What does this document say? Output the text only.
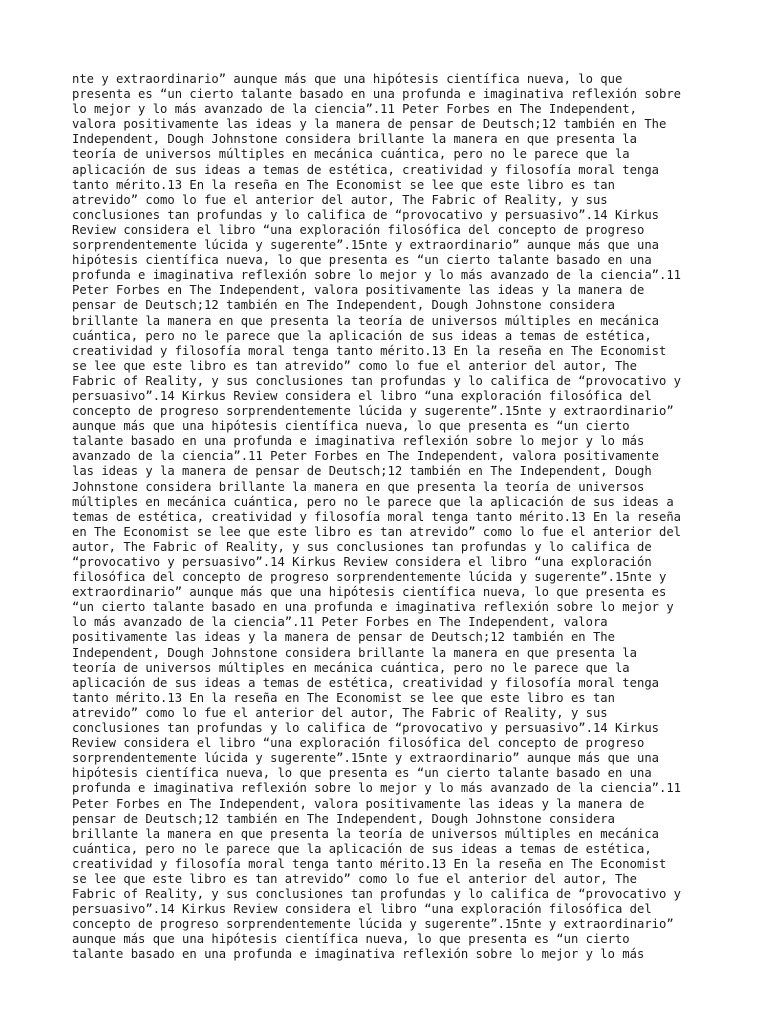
nte y extraordinario” aunque más que una hipótesis científica nueva, lo que
presenta es “un cierto talante basado en una profunda e imaginativa reflexión sobre
lo mejor y lo más avanzado de la ciencia”.11 Peter Forbes en The Independent,
valora positivamente las ideas y la manera de pensar de Deutsch;12 también en The
Independent, Dough Johnstone considera brillante la manera en que presenta la
teoría de universos múltiples en mecánica cuántica, pero no le parece que la
aplicación de sus ideas a temas de estética, creatividad y filosofía moral tenga
tanto mérito.13 En la reseña en The Economist se lee que este libro es tan
atrevido” como lo fue el anterior del autor, The Fabric of Reality, y sus
conclusiones tan profundas y lo califica de “provocativo y persuasivo”.14 Kirkus
Review considera el libro “una exploración filosófica del concepto de progreso
sorprendentemente lúcida y sugerente”.15nte y extraordinario” aunque más que una
hipótesis científica nueva, lo que presenta es “un cierto talante basado en una
profunda e imaginativa reflexión sobre lo mejor y lo más avanzado de la ciencia”.11
Peter Forbes en The Independent, valora positivamente las ideas y la manera de
pensar de Deutsch;12 también en The Independent, Dough Johnstone considera
brillante la manera en que presenta la teoría de universos múltiples en mecánica
cuántica, pero no le parece que la aplicación de sus ideas a temas de estética,
creatividad y filosofía moral tenga tanto mérito.13 En la reseña en The Economist
se lee que este libro es tan atrevido” como lo fue el anterior del autor, The
Fabric of Reality, y sus conclusiones tan profundas y lo califica de “provocativo y
persuasivo”.14 Kirkus Review considera el libro “una exploración filosófica del
concepto de progreso sorprendentemente lúcida y sugerente”.15nte y extraordinario”
aunque más que una hipótesis científica nueva, lo que presenta es “un cierto
talante basado en una profunda e imaginativa reflexión sobre lo mejor y lo más
avanzado de la ciencia”.11 Peter Forbes en The Independent, valora positivamente
las ideas y la manera de pensar de Deutsch;12 también en The Independent, Dough
Johnstone considera brillante la manera en que presenta la teoría de universos
múltiples en mecánica cuántica, pero no le parece que la aplicación de sus ideas a
temas de estética, creatividad y filosofía moral tenga tanto mérito.13 En la reseña
en The Economist se lee que este libro es tan atrevido” como lo fue el anterior del
autor, The Fabric of Reality, y sus conclusiones tan profundas y lo califica de
“provocativo y persuasivo”.14 Kirkus Review considera el libro “una exploración
filosófica del concepto de progreso sorprendentemente lúcida y sugerente”.15nte y
extraordinario” aunque más que una hipótesis científica nueva, lo que presenta es
“un cierto talante basado en una profunda e imaginativa reflexión sobre lo mejor y
lo más avanzado de la ciencia”.11 Peter Forbes en The Independent, valora
positivamente las ideas y la manera de pensar de Deutsch;12 también en The
Independent, Dough Johnstone considera brillante la manera en que presenta la
teoría de universos múltiples en mecánica cuántica, pero no le parece que la
aplicación de sus ideas a temas de estética, creatividad y filosofía moral tenga
tanto mérito.13 En la reseña en The Economist se lee que este libro es tan
atrevido” como lo fue el anterior del autor, The Fabric of Reality, y sus
conclusiones tan profundas y lo califica de “provocativo y persuasivo”.14 Kirkus
Review considera el libro “una exploración filosófica del concepto de progreso
sorprendentemente lúcida y sugerente”.15nte y extraordinario” aunque más que una
hipótesis científica nueva, lo que presenta es “un cierto talante basado en una
profunda e imaginativa reflexión sobre lo mejor y lo más avanzado de la ciencia”.11
Peter Forbes en The Independent, valora positivamente las ideas y la manera de
pensar de Deutsch;12 también en The Independent, Dough Johnstone considera
brillante la manera en que presenta la teoría de universos múltiples en mecánica
cuántica, pero no le parece que la aplicación de sus ideas a temas de estética,
creatividad y filosofía moral tenga tanto mérito.13 En la reseña en The Economist
se lee que este libro es tan atrevido” como lo fue el anterior del autor, The
Fabric of Reality, y sus conclusiones tan profundas y lo califica de “provocativo y
persuasivo”.14 Kirkus Review considera el libro “una exploración filosófica del
concepto de progreso sorprendentemente lúcida y sugerente”.15nte y extraordinario”
aunque más que una hipótesis científica nueva, lo que presenta es “un cierto
talante basado en una profunda e imaginativa reflexión sobre lo mejor y lo más
